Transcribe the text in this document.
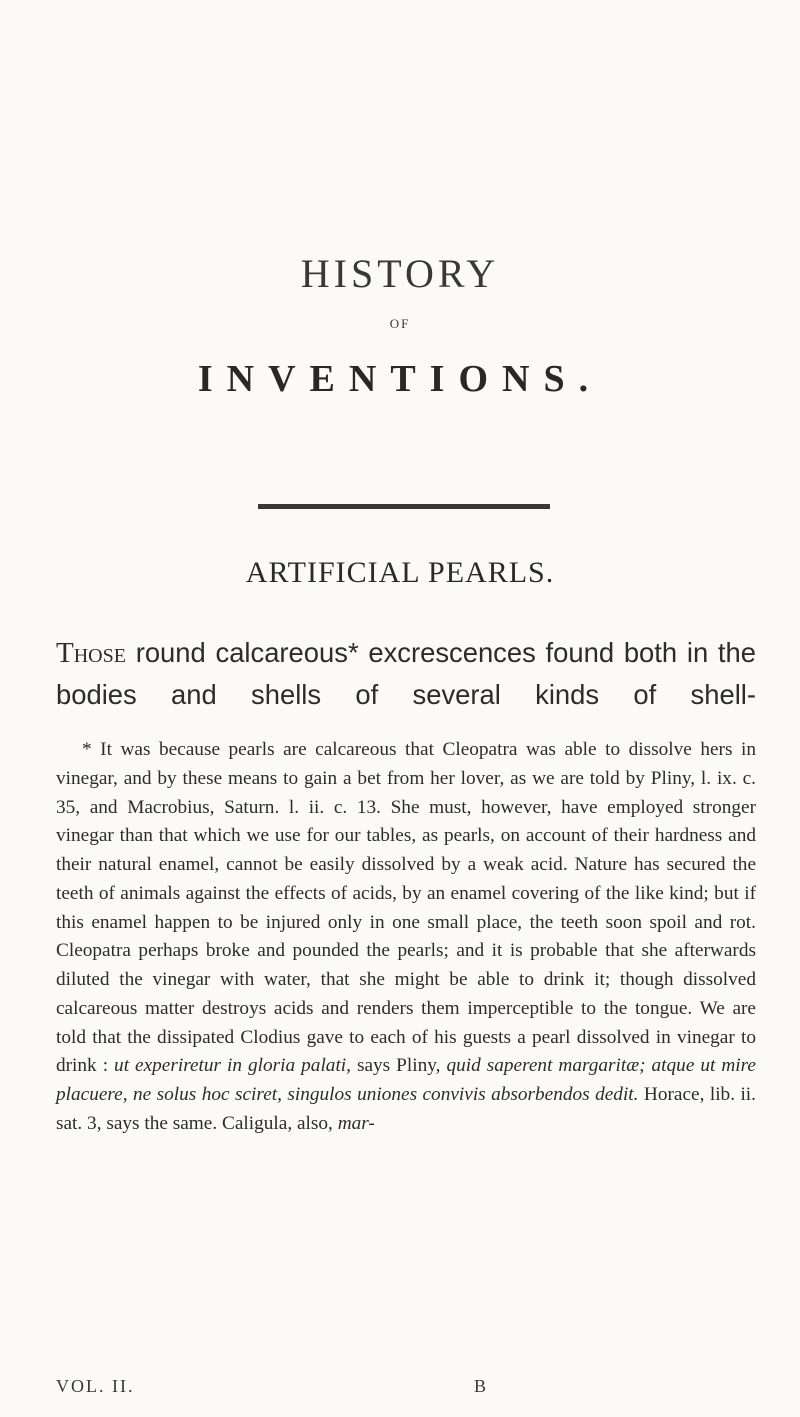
HISTORY
OF
INVENTIONS.
ARTIFICIAL PEARLS.

Those round calcareous* excrescences found both in the bodies and shells of several kinds of shell-

* It was because pearls are calcareous that Cleopatra was able to dissolve hers in vinegar, and by these means to gain a bet from her lover, as we are told by Pliny, l. ix. c. 35, and Macrobius, Saturn. l. ii. c. 13. She must, however, have employed stronger vinegar than that which we use for our tables, as pearls, on account of their hardness and their natural enamel, cannot be easily dissolved by a weak acid. Nature has secured the teeth of animals against the effects of acids, by an enamel covering of the like kind; but if this enamel happen to be injured only in one small place, the teeth soon spoil and rot. Cleopatra perhaps broke and pounded the pearls; and it is probable that she afterwards diluted the vinegar with water, that she might be able to drink it; though dissolved calcareous matter destroys acids and renders them imperceptible to the tongue. We are told that the dissipated Clodius gave to each of his guests a pearl dissolved in vinegar to drink : ut experiretur in gloria palati, says Pliny, quid saperent margaritæ; atque ut mire placuere, ne solus hoc sciret, singulos uniones convivis absorbendos dedit. Horace, lib. ii. sat. 3, says the same. Caligula, also, mar-

VOL. II.	B
